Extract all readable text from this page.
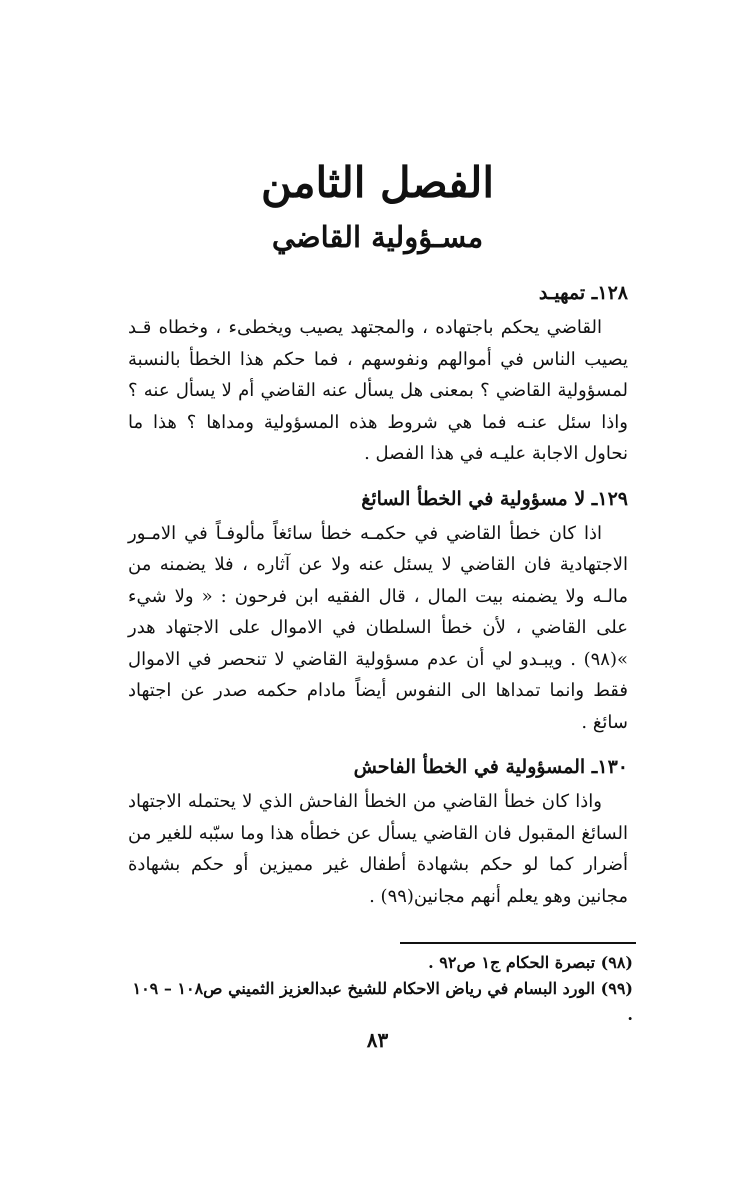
الفصل الثامن
مسـؤولية القاضي
١٢٨ـ تمهيـد

القاضي يحكم باجتهاده ، والمجتهد يصيب ويخطىء ، وخطاه قـد يصيب الناس في أموالهم ونفوسهم ، فما حكم هذا الخطأ بالنسبة لمسؤولية القاضي ؟ بمعنى هل يسأل عنه القاضي أم لا يسأل عنه ؟ واذا سئل عنـه فما هي شروط هذه المسؤولية ومداها ؟ هذا ما نحاول الاجابة عليـه في هذا الفصل .

١٢٩ـ لا مسؤولية في الخطأ السائغ

اذا كان خطأ القاضي في حكمـه خطأ سائغاً مألوفـاً في الامـور الاجتهادية فان القاضي لا يسئل عنه ولا عن آثاره ، فلا يضمنه من مالـه ولا يضمنه بيت المال ، قال الفقيه ابن فرحون : « ولا شيء على القاضي ، لأن خطأ السلطان في الاموال على الاجتهاد هدر »(٩٨) . ويبـدو لي أن عدم مسؤولية القاضي لا تنحصر في الاموال فقط وانما تمداها الى النفوس أيضاً مادام حكمه صدر عن اجتهاد سائغ .

١٣٠ـ المسؤولية في الخطأ الفاحش

واذا كان خطأ القاضي من الخطأ الفاحش الذي لا يحتمله الاجتهاد السائغ المقبول فان القاضي يسأل عن خطأه هذا وما سبّبه للغير من أضرار كما لو حكم بشهادة أطفال غير مميزين أو حكم بشهادة مجانين وهو يعلم أنهم مجانين(٩٩) .

(٩٨) تبصرة الحكام ج١ ص٩٢ .

(٩٩) الورد البسام في رياض الاحكام للشيخ عبدالعزيز الثميني ص١٠٨ – ١٠٩ .

٨٣
